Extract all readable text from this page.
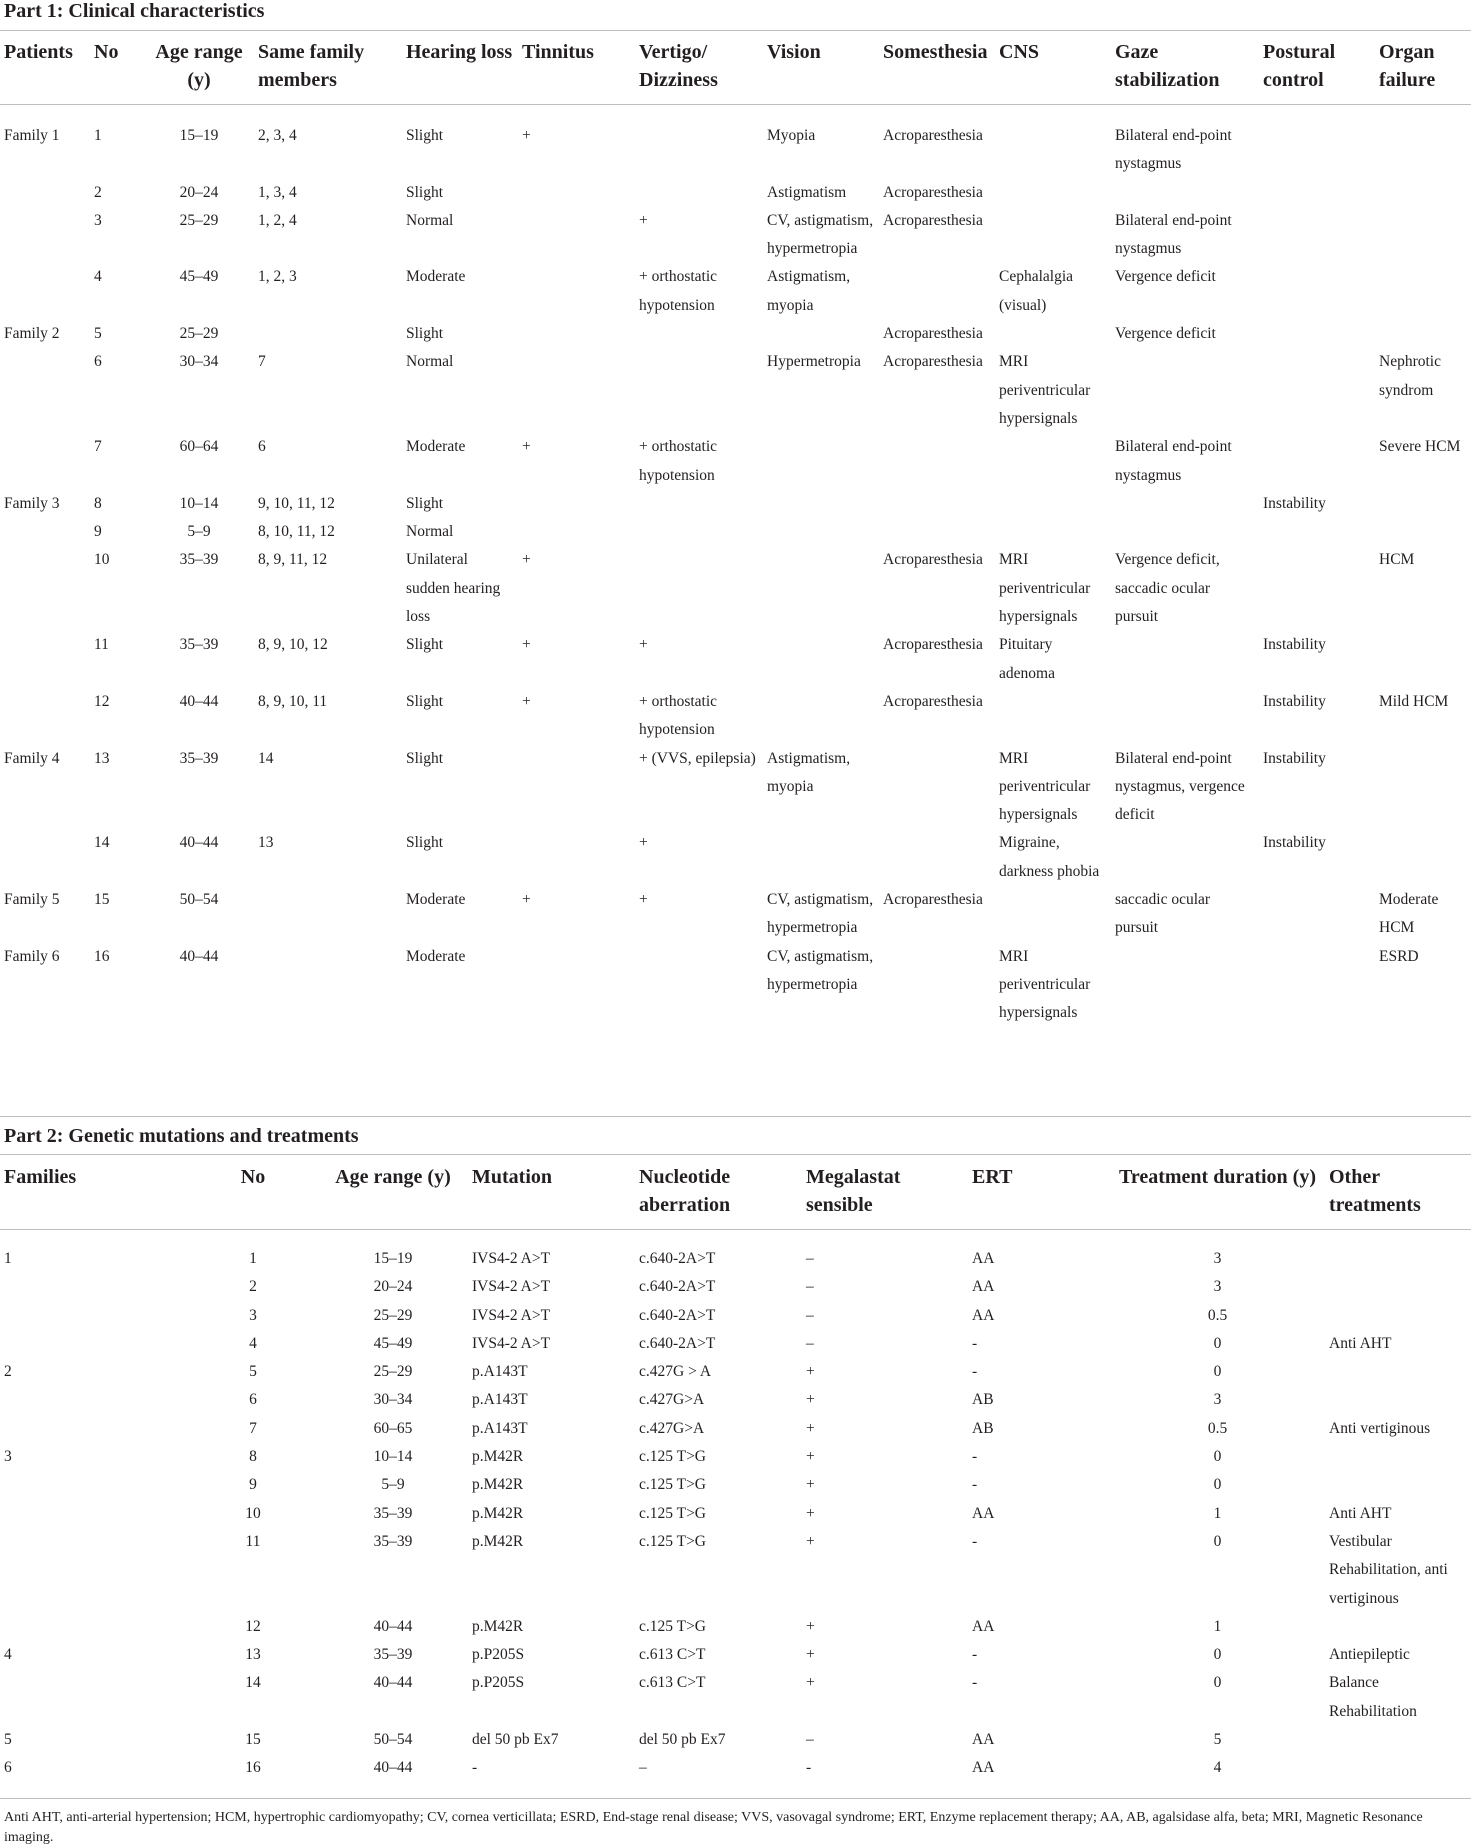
Part 1: Clinical characteristics
Patients	No	Age range (y)	Same family members	Hearing loss	Tinnitus	Vertigo/ Dizziness	Vision	Somesthesia	CNS	Gaze stabilization	Postural control	Organ failure
Family 1	1	15–19	2, 3, 4	Slight	+		Myopia	Acroparesthesia		Bilateral end-point nystagmus		
	2	20–24	1, 3, 4	Slight			Astigmatism	Acroparesthesia				
	3	25–29	1, 2, 4	Normal		+	CV, astigmatism, hypermetropia	Acroparesthesia		Bilateral end-point nystagmus		
	4	45–49	1, 2, 3	Moderate		+ orthostatic hypotension	Astigmatism, myopia		Cephalalgia (visual)	Vergence deficit		
Family 2	5	25–29		Slight				Acroparesthesia		Vergence deficit		
	6	30–34	7	Normal			Hypermetropia	Acroparesthesia	MRI periventricular hypersignals			Nephrotic syndrom
	7	60–64	6	Moderate	+	+ orthostatic hypotension				Bilateral end-point nystagmus		Severe HCM
Family 3	8	10–14	9, 10, 11, 12	Slight							Instability	
	9	5–9	8, 10, 11, 12	Normal								
	10	35–39	8, 9, 11, 12	Unilateral sudden hearing loss	+			Acroparesthesia	MRI periventricular hypersignals	Vergence deficit, saccadic ocular pursuit		HCM
	11	35–39	8, 9, 10, 12	Slight	+	+		Acroparesthesia	Pituitary adenoma		Instability	
	12	40–44	8, 9, 10, 11	Slight	+	+ orthostatic hypotension		Acroparesthesia			Instability	Mild HCM
Family 4	13	35–39	14	Slight		+ (VVS, epilepsia)	Astigmatism, myopia		MRI periventricular hypersignals	Bilateral end-point nystagmus, vergence deficit	Instability	
	14	40–44	13	Slight		+			Migraine, darkness phobia		Instability	
Family 5	15	50–54		Moderate	+	+	CV, astigmatism, hypermetropia	Acroparesthesia		saccadic ocular pursuit		Moderate HCM
Family 6	16	40–44		Moderate			CV, astigmatism, hypermetropia		MRI periventricular hypersignals			ESRD
Part 2: Genetic mutations and treatments
Families	No	Age range (y)	Mutation	Nucleotide aberration	Megalastat sensible	ERT	Treatment duration (y)	Other treatments
1	1	15–19	IVS4-2 A>T	c.640-2A>T	–	AA	3	
	2	20–24	IVS4-2 A>T	c.640-2A>T	–	AA	3	
	3	25–29	IVS4-2 A>T	c.640-2A>T	–	AA	0.5	
	4	45–49	IVS4-2 A>T	c.640-2A>T	–	-	0	Anti AHT
2	5	25–29	p.A143T	c.427G > A	+	-	0	
	6	30–34	p.A143T	c.427G>A	+	AB	3	
	7	60–65	p.A143T	c.427G>A	+	AB	0.5	Anti vertiginous
3	8	10–14	p.M42R	c.125 T>G	+	-	0	
	9	5–9	p.M42R	c.125 T>G	+	-	0	
	10	35–39	p.M42R	c.125 T>G	+	AA	1	Anti AHT
	11	35–39	p.M42R	c.125 T>G	+	-	0	Vestibular Rehabilitation, anti vertiginous
	12	40–44	p.M42R	c.125 T>G	+	AA	1	
4	13	35–39	p.P205S	c.613 C>T	+	-	0	Antiepileptic
	14	40–44	p.P205S	c.613 C>T	+	-	0	Balance Rehabilitation
5	15	50–54	del 50 pb Ex7	del 50 pb Ex7	–	AA	5	
6	16	40–44	-	–	-	AA	4	
Anti AHT, anti-arterial hypertension; HCM, hypertrophic cardiomyopathy; CV, cornea verticillata; ESRD, End-stage renal disease; VVS, vasovagal syndrome; ERT, Enzyme replacement therapy; AA, AB, agalsidase alfa, beta; MRI, Magnetic Resonance imaging.
